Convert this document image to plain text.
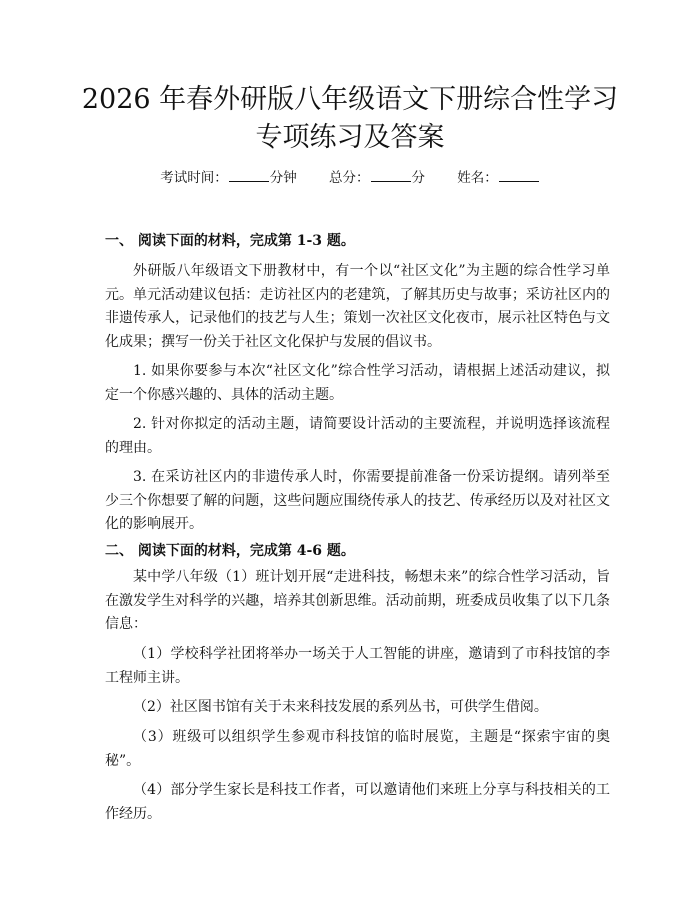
2026 年春外研版八年级语文下册综合性学习
专项练习及答案
考试时间：	分钟 总分：	分 姓名：

一、 阅读下面的材料，完成第 1-3 题。

外研版八年级语文下册教材中，有一个以“社区文化”为主题的综合性学习单元。单元活动建议包括：走访社区内的老建筑，了解其历史与故事；采访社区内的非遗传承人，记录他们的技艺与人生；策划一次社区文化夜市，展示社区特色与文化成果；撰写一份关于社区文化保护与发展的倡议书。

1. 如果你要参与本次“社区文化”综合性学习活动，请根据上述活动建议，拟定一个你感兴趣的、具体的活动主题。

2. 针对你拟定的活动主题，请简要设计活动的主要流程，并说明选择该流程的理由。

3. 在采访社区内的非遗传承人时，你需要提前准备一份采访提纲。请列举至少三个你想要了解的问题，这些问题应围绕传承人的技艺、传承经历以及对社区文化的影响展开。

二、 阅读下面的材料，完成第 4-6 题。

某中学八年级（1）班计划开展“走进科技，畅想未来”的综合性学习活动，旨在激发学生对科学的兴趣，培养其创新思维。活动前期，班委成员收集了以下几条信息：

（1）学校科学社团将举办一场关于人工智能的讲座，邀请到了市科技馆的李工程师主讲。

（2）社区图书馆有关于未来科技发展的系列丛书，可供学生借阅。

（3）班级可以组织学生参观市科技馆的临时展览，主题是“探索宇宙的奥秘”。

（4）部分学生家长是科技工作者，可以邀请他们来班上分享与科技相关的工作经历。
